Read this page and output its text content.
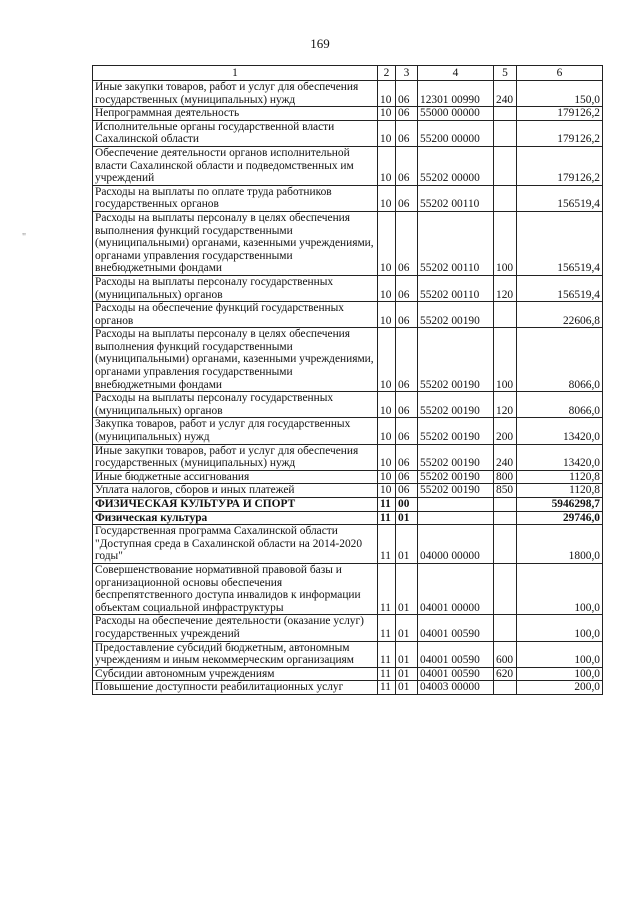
169
"
1	2	3	4	5	6
Иные закупки товаров, работ и услуг для обеспечения государственных (муниципальных) нужд	10	06	12301 00990	240	150,0
Непрограммная деятельность	10	06	55000 00000		179126,2
Исполнительные органы государственной власти Сахалинской области	10	06	55200 00000		179126,2
Обеспечение деятельности органов исполнительной власти Сахалинской области и подведомственных им учреждений	10	06	55202 00000		179126,2
Расходы на выплаты по оплате труда работников государственных органов	10	06	55202 00110		156519,4
Расходы на выплаты персоналу в целях обеспечения выполнения функций государственными (муниципальными) органами, казенными учреждениями, органами управления государственными внебюджетными фондами	10	06	55202 00110	100	156519,4
Расходы на выплаты персоналу государственных (муниципальных) органов	10	06	55202 00110	120	156519,4
Расходы на обеспечение функций государственных органов	10	06	55202 00190		22606,8
Расходы на выплаты персоналу в целях обеспечения выполнения функций государственными (муниципальными) органами, казенными учреждениями, органами управления государственными внебюджетными фондами	10	06	55202 00190	100	8066,0
Расходы на выплаты персоналу государственных (муниципальных) органов	10	06	55202 00190	120	8066,0
Закупка товаров, работ и услуг для государственных (муниципальных) нужд	10	06	55202 00190	200	13420,0
Иные закупки товаров, работ и услуг для обеспечения государственных (муниципальных) нужд	10	06	55202 00190	240	13420,0
Иные бюджетные ассигнования	10	06	55202 00190	800	1120,8
Уплата налогов, сборов и иных платежей	10	06	55202 00190	850	1120,8
ФИЗИЧЕСКАЯ КУЛЬТУРА И СПОРТ	11	00			5946298,7
Физическая культура	11	01			29746,0
Государственная программа Сахалинской области "Доступная среда в Сахалинской области на 2014-2020 годы"	11	01	04000 00000		1800,0
Совершенствование нормативной правовой базы и организационной основы обеспечения беспрепятственного доступа инвалидов к информации объектам социальной инфраструктуры	11	01	04001 00000		100,0
Расходы на обеспечение деятельности (оказание услуг) государственных учреждений	11	01	04001 00590		100,0
Предоставление субсидий бюджетным, автономным учреждениям и иным некоммерческим организациям	11	01	04001 00590	600	100,0
Субсидии автономным учреждениям	11	01	04001 00590	620	100,0
Повышение доступности реабилитационных услуг	11	01	04003 00000		200,0
